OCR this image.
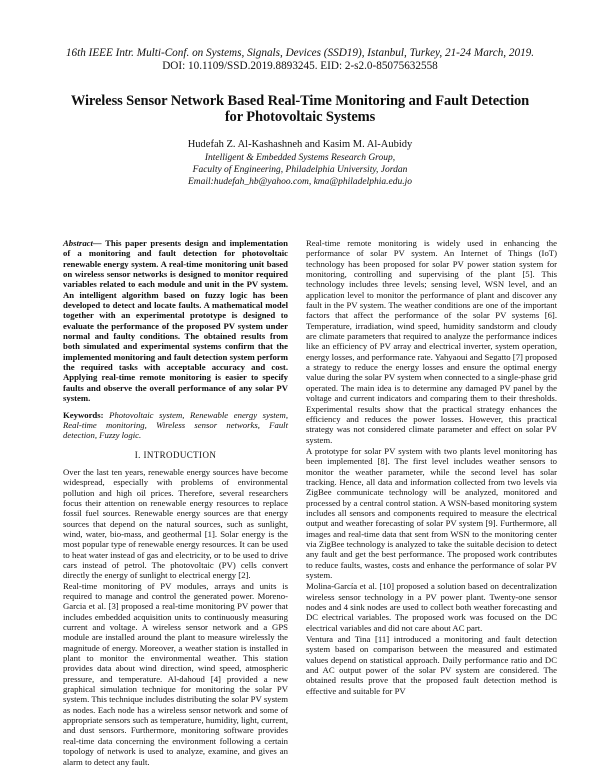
16th IEEE Intr. Multi-Conf. on Systems, Signals, Devices (SSD19), Istanbul, Turkey, 21-24 March, 2019.
DOI: 10.1109/SSD.2019.8893245. EID: 2-s2.0-85075632558
Wireless Sensor Network Based Real-Time Monitoring and Fault Detection
for Photovoltaic Systems
Hudefah Z. Al-Kashashneh and Kasim M. Al-Aubidy
Intelligent & Embedded Systems Research Group,
Faculty of Engineering, Philadelphia University, Jordan
Email:hudefah_hb@yahoo.com, kma@philadelphia.edu.jo

Abstract— This paper presents design and implementation of a monitoring and fault detection for photovoltaic renewable energy system. A real-time monitoring unit based on wireless sensor networks is designed to monitor required variables related to each module and unit in the PV system. An intelligent algorithm based on fuzzy logic has been developed to detect and locate faults. A mathematical model together with an experimental prototype is designed to evaluate the performance of the proposed PV system under normal and faulty conditions. The obtained results from both simulated and experimental systems confirm that the implemented monitoring and fault detection system perform the required tasks with acceptable accuracy and cost. Applying real-time remote monitoring is easier to specify faults and observe the overall performance of any solar PV system.

Keywords: Photovoltaic system, Renewable energy system, Real-time monitoring, Wireless sensor networks, Fault detection, Fuzzy logic.

I. INTRODUCTION

Over the last ten years, renewable energy sources have become widespread, especially with problems of environmental pollution and high oil prices. Therefore, several researchers focus their attention on renewable energy resources to replace fossil fuel sources. Renewable energy sources are that energy sources that depend on the natural sources, such as sunlight, wind, water, bio-mass, and geothermal [1]. Solar energy is the most popular type of renewable energy resources. It can be used to heat water instead of gas and electricity, or to be used to drive cars instead of petrol. The photovoltaic (PV) cells convert directly the energy of sunlight to electrical energy [2].

Real-time monitoring of PV modules, arrays and units is required to manage and control the generated power. Moreno-Garcia et al. [3] proposed a real-time monitoring PV power that includes embedded acquisition units to continuously measuring current and voltage. A wireless sensor network and a GPS module are installed around the plant to measure wirelessly the magnitude of energy. Moreover, a weather station is installed in plant to monitor the environmental weather. This station provides data about wind direction, wind speed, atmospheric pressure, and temperature. Al-dahoud [4] provided a new graphical simulation technique for monitoring the solar PV system. This technique includes distributing the solar PV system as nodes. Each node has a wireless sensor network and some of appropriate sensors such as temperature, humidity, light, current, and dust sensors. Furthermore, monitoring software provides real-time data concerning the environment following a certain topology of network is used to analyze, examine, and gives an alarm to detect any fault.

Real-time remote monitoring is widely used in enhancing the performance of solar PV system. An Internet of Things (IoT) technology has been proposed for solar PV power station system for monitoring, controlling and supervising of the plant [5]. This technology includes three levels; sensing level, WSN level, and an application level to monitor the performance of plant and discover any fault in the PV system. The weather conditions are one of the important factors that affect the performance of the solar PV systems [6]. Temperature, irradiation, wind speed, humidity sandstorm and cloudy are climate parameters that required to analyze the performance indices like an efficiency of PV array and electrical inverter, system operation, energy losses, and performance rate. Yahyaoui and Segatto [7] proposed a strategy to reduce the energy losses and ensure the optimal energy value during the solar PV system when connected to a single-phase grid operated. The main idea is to determine any damaged PV panel by the voltage and current indicators and comparing them to their thresholds. Experimental results show that the practical strategy enhances the efficiency and reduces the power losses. However, this practical strategy was not considered climate parameter and effect on solar PV system.

A prototype for solar PV system with two plants level monitoring has been implemented [8]. The first level includes weather sensors to monitor the weather parameter, while the second level has solar tracking. Hence, all data and information collected from two levels via ZigBee communicate technology will be analyzed, monitored and processed by a central control station. A WSN-based monitoring system includes all sensors and components required to measure the electrical output and weather forecasting of solar PV system [9]. Furthermore, all images and real-time data that sent from WSN to the monitoring center via ZigBee technology is analyzed to take the suitable decision to detect any fault and get the best performance. The proposed work contributes to reduce faults, wastes, costs and enhance the performance of solar PV system.

Molina-García et al. [10] proposed a solution based on decentralization wireless sensor technology in a PV power plant. Twenty-one sensor nodes and 4 sink nodes are used to collect both weather forecasting and DC electrical variables. The proposed work was focused on the DC electrical variables and did not care about AC part.

Ventura and Tina [11] introduced a monitoring and fault detection system based on comparison between the measured and estimated values depend on statistical approach. Daily performance ratio and DC and AC output power of the solar PV system are considered. The obtained results prove that the proposed fault detection method is effective and suitable for PV
